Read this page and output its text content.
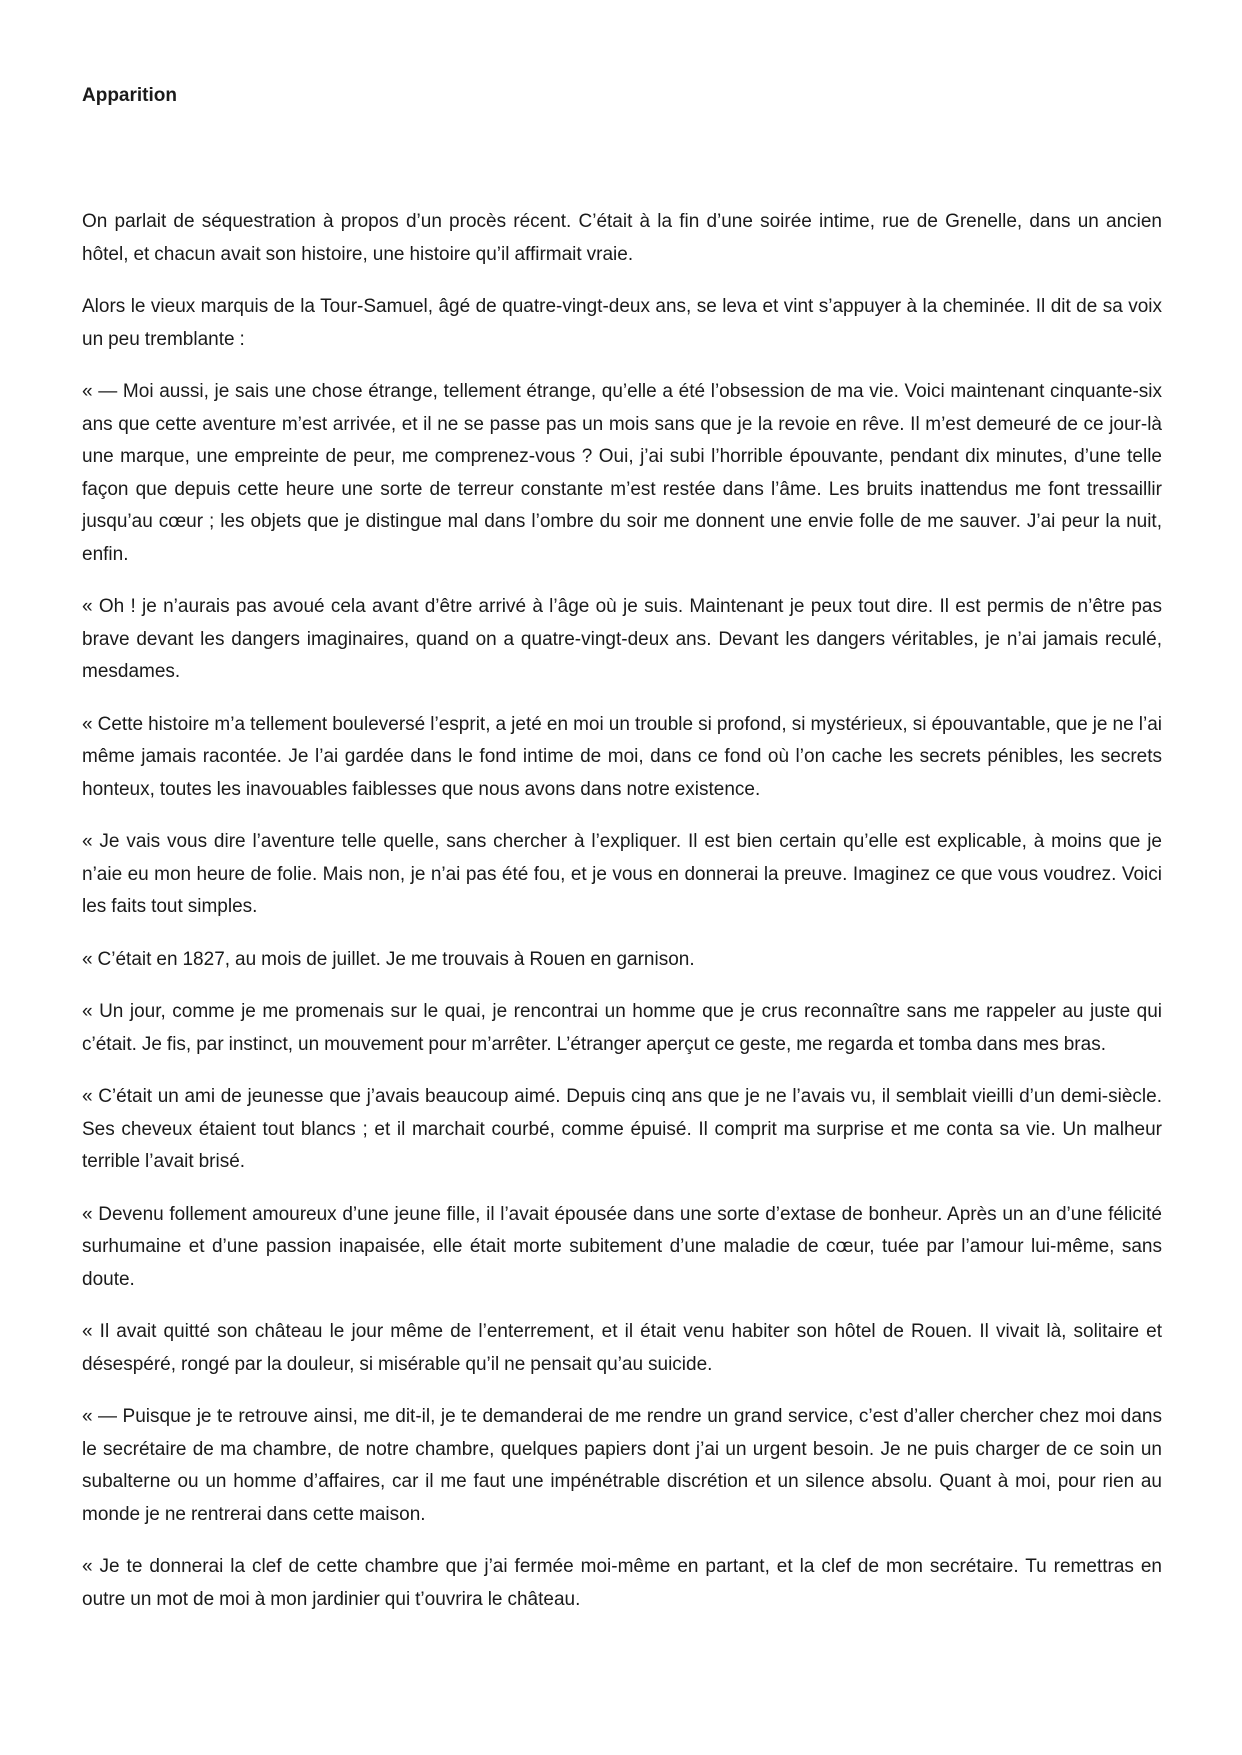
Apparition

On parlait de séquestration à propos d’un procès récent. C’était à la fin d’une soirée intime, rue de Grenelle, dans un ancien hôtel, et chacun avait son histoire, une histoire qu’il affirmait vraie.

Alors le vieux marquis de la Tour-Samuel, âgé de quatre-vingt-deux ans, se leva et vint s’appuyer à la cheminée. Il dit de sa voix un peu tremblante :

« — Moi aussi, je sais une chose étrange, tellement étrange, qu’elle a été l’obsession de ma vie. Voici maintenant cinquante-six ans que cette aventure m’est arrivée, et il ne se passe pas un mois sans que je la revoie en rêve. Il m’est demeuré de ce jour-là une marque, une empreinte de peur, me comprenez-vous ? Oui, j’ai subi l’horrible épouvante, pendant dix minutes, d’une telle façon que depuis cette heure une sorte de terreur constante m’est restée dans l’âme. Les bruits inattendus me font tressaillir jusqu’au cœur ; les objets que je distingue mal dans l’ombre du soir me donnent une envie folle de me sauver. J’ai peur la nuit, enfin.

« Oh ! je n’aurais pas avoué cela avant d’être arrivé à l’âge où je suis. Maintenant je peux tout dire. Il est permis de n’être pas brave devant les dangers imaginaires, quand on a quatre-vingt-deux ans. Devant les dangers véritables, je n’ai jamais reculé, mesdames.

« Cette histoire m’a tellement bouleversé l’esprit, a jeté en moi un trouble si profond, si mystérieux, si épouvantable, que je ne l’ai même jamais racontée. Je l’ai gardée dans le fond intime de moi, dans ce fond où l’on cache les secrets pénibles, les secrets honteux, toutes les inavouables faiblesses que nous avons dans notre existence.

« Je vais vous dire l’aventure telle quelle, sans chercher à l’expliquer. Il est bien certain qu’elle est explicable, à moins que je n’aie eu mon heure de folie. Mais non, je n’ai pas été fou, et je vous en donnerai la preuve. Imaginez ce que vous voudrez. Voici les faits tout simples.

« C’était en 1827, au mois de juillet. Je me trouvais à Rouen en garnison.

« Un jour, comme je me promenais sur le quai, je rencontrai un homme que je crus reconnaître sans me rappeler au juste qui c’était. Je fis, par instinct, un mouvement pour m’arrêter. L’étranger aperçut ce geste, me regarda et tomba dans mes bras.

« C’était un ami de jeunesse que j’avais beaucoup aimé. Depuis cinq ans que je ne l’avais vu, il semblait vieilli d’un demi-siècle. Ses cheveux étaient tout blancs ; et il marchait courbé, comme épuisé. Il comprit ma surprise et me conta sa vie. Un malheur terrible l’avait brisé.

« Devenu follement amoureux d’une jeune fille, il l’avait épousée dans une sorte d’extase de bonheur. Après un an d’une félicité surhumaine et d’une passion inapaisée, elle était morte subitement d’une maladie de cœur, tuée par l’amour lui-même, sans doute.

« Il avait quitté son château le jour même de l’enterrement, et il était venu habiter son hôtel de Rouen. Il vivait là, solitaire et désespéré, rongé par la douleur, si misérable qu’il ne pensait qu’au suicide.

« — Puisque je te retrouve ainsi, me dit-il, je te demanderai de me rendre un grand service, c’est d’aller chercher chez moi dans le secrétaire de ma chambre, de notre chambre, quelques papiers dont j’ai un urgent besoin. Je ne puis charger de ce soin un subalterne ou un homme d’affaires, car il me faut une impénétrable discrétion et un silence absolu. Quant à moi, pour rien au monde je ne rentrerai dans cette maison.

« Je te donnerai la clef de cette chambre que j’ai fermée moi-même en partant, et la clef de mon secrétaire. Tu remettras en outre un mot de moi à mon jardinier qui t’ouvrira le château.
